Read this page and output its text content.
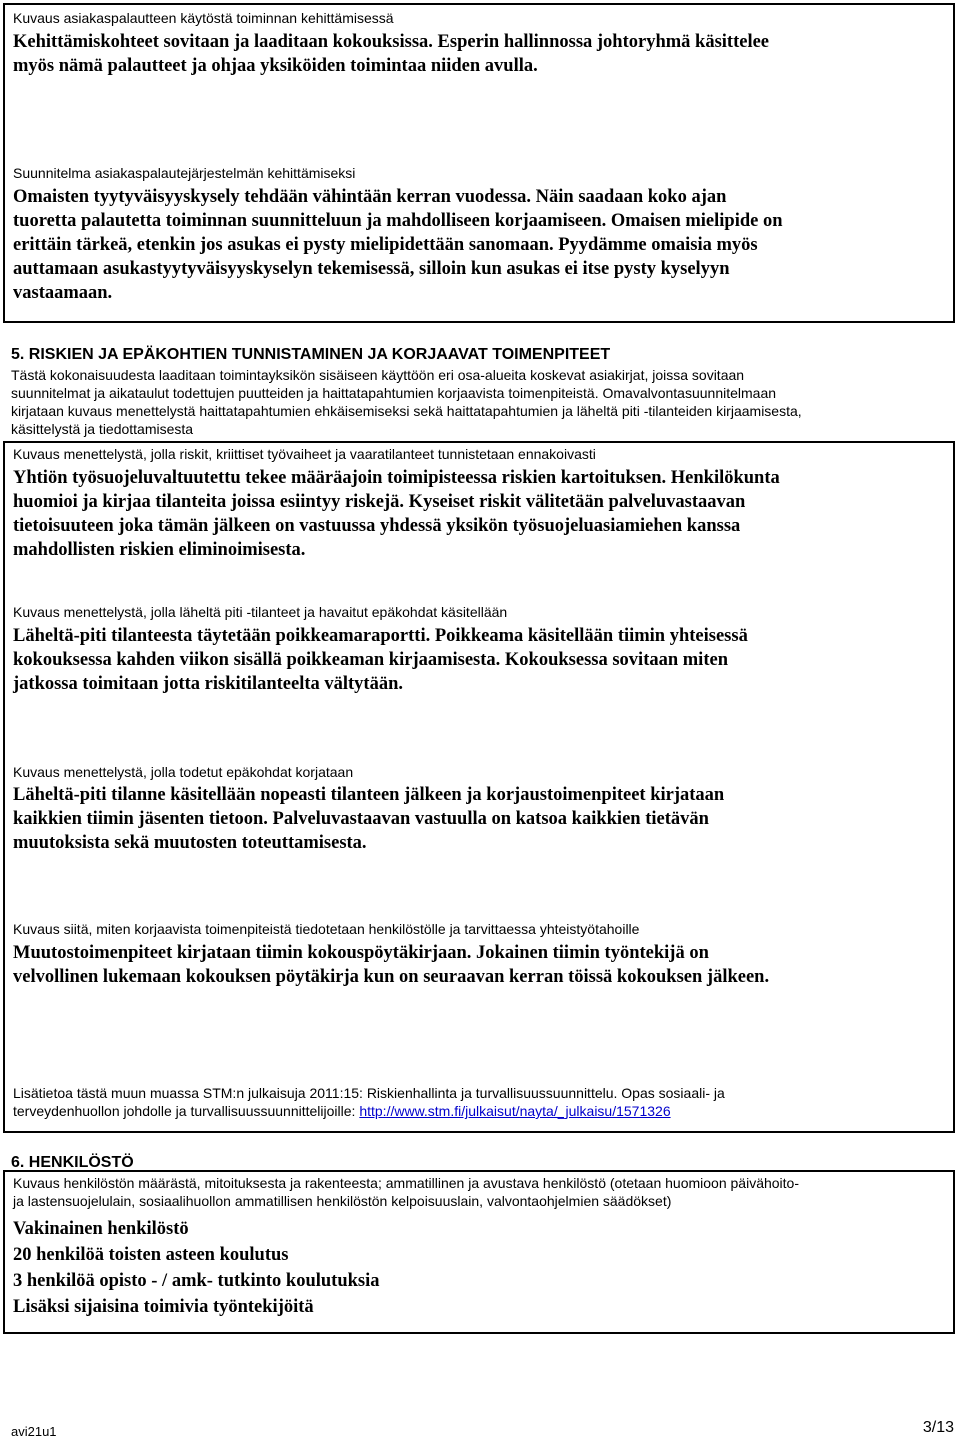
Kuvaus asiakaspalautteen käytöstä toiminnan kehittämisessä
Kehittämiskohteet sovitaan ja laaditaan kokouksissa. Esperin hallinnossa johtoryhmä käsittelee
myös nämä palautteet ja ohjaa yksiköiden toimintaa niiden avulla.
Suunnitelma asiakaspalautejärjestelmän kehittämiseksi
Omaisten tyytyväisyyskysely tehdään vähintään kerran vuodessa. Näin saadaan koko ajan
tuoretta palautetta toiminnan suunnitteluun ja mahdolliseen korjaamiseen. Omaisen mielipide on
erittäin tärkeä, etenkin jos asukas ei pysty mielipidettään sanomaan. Pyydämme omaisia myös
auttamaan asukastyytyväisyyskyselyn tekemisessä, silloin kun asukas ei itse pysty kyselyyn
vastaamaan.
5. RISKIEN JA EPÄKOHTIEN TUNNISTAMINEN JA KORJAAVAT TOIMENPITEET
Tästä kokonaisuudesta laaditaan toimintayksikön sisäiseen käyttöön eri osa-alueita koskevat asiakirjat, joissa sovitaan
suunnitelmat ja aikataulut todettujen puutteiden ja haittatapahtumien korjaavista toimenpiteistä. Omavalvontasuunnitelmaan
kirjataan kuvaus menettelystä haittatapahtumien ehkäisemiseksi sekä haittatapahtumien ja läheltä piti -tilanteiden kirjaamisesta,
käsittelystä ja tiedottamisesta
Kuvaus menettelystä, jolla riskit, kriittiset työvaiheet ja vaaratilanteet tunnistetaan ennakoivasti
Yhtiön työsuojeluvaltuutettu tekee määräajoin toimipisteessa riskien kartoituksen. Henkilökunta
huomioi ja kirjaa tilanteita joissa esiintyy riskejä. Kyseiset riskit välitetään palveluvastaavan
tietoisuuteen joka tämän jälkeen on vastuussa yhdessä yksikön työsuojeluasiamiehen kanssa
mahdollisten riskien eliminoimisesta.
Kuvaus menettelystä, jolla läheltä piti -tilanteet ja havaitut epäkohdat käsitellään
Läheltä-piti tilanteesta täytetään poikkeamaraportti. Poikkeama käsitellään tiimin yhteisessä
kokouksessa kahden viikon sisällä poikkeaman kirjaamisesta. Kokouksessa sovitaan miten
jatkossa toimitaan jotta riskitilanteelta vältytään.
Kuvaus menettelystä, jolla todetut epäkohdat korjataan
Läheltä-piti tilanne käsitellään nopeasti tilanteen jälkeen ja korjaustoimenpiteet kirjataan
kaikkien tiimin jäsenten tietoon. Palveluvastaavan vastuulla on katsoa kaikkien tietävän
muutoksista sekä muutosten toteuttamisesta.
Kuvaus siitä, miten korjaavista toimenpiteistä tiedotetaan henkilöstölle ja tarvittaessa yhteistyötahoille
Muutostoimenpiteet kirjataan tiimin kokouspöytäkirjaan. Jokainen tiimin työntekijä on
velvollinen lukemaan kokouksen pöytäkirja kun on seuraavan kerran töissä kokouksen jälkeen.
Lisätietoa tästä muun muassa STM:n julkaisuja 2011:15: Riskienhallinta ja turvallisuussuunnittelu. Opas sosiaali- ja
terveydenhuollon johdolle ja turvallisuussuunnittelijoille: http://www.stm.fi/julkaisut/nayta/_julkaisu/1571326
6. HENKILÖSTÖ
Kuvaus henkilöstön määrästä, mitoituksesta ja rakenteesta; ammatillinen ja avustava henkilöstö (otetaan huomioon päivähoito-
ja lastensuojelulain, sosiaalihuollon ammatillisen henkilöstön kelpoisuuslain, valvontaohjelmien säädökset)
Vakinainen henkilöstö
20 henkilöä toisten asteen koulutus
3 henkilöä opisto - / amk- tutkinto koulutuksia
Lisäksi sijaisina toimivia työntekijöitä
avi21u1	3/13
